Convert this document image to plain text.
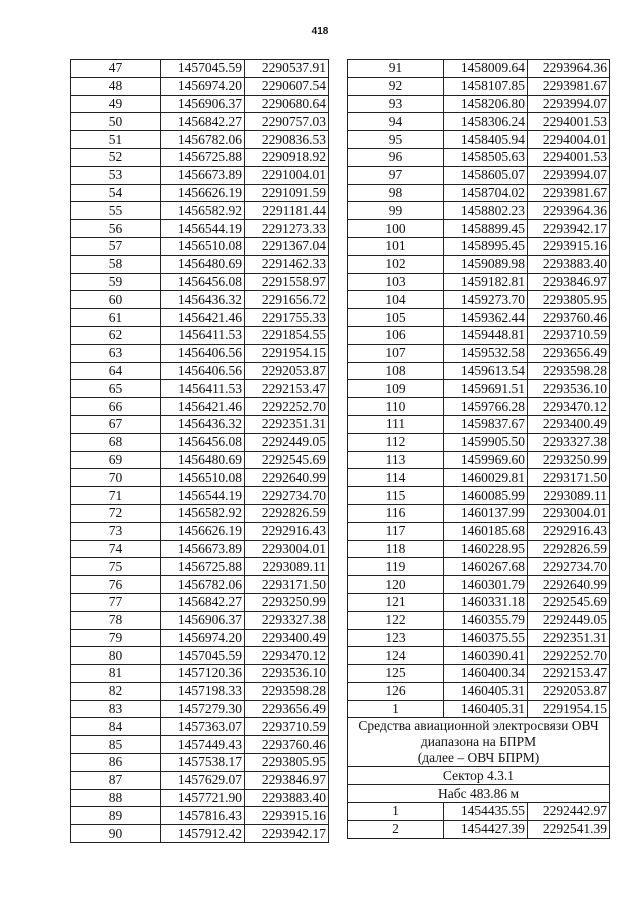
418
47	1457045.59	2290537.91
48	1456974.20	2290607.54
49	1456906.37	2290680.64
50	1456842.27	2290757.03
51	1456782.06	2290836.53
52	1456725.88	2290918.92
53	1456673.89	2291004.01
54	1456626.19	2291091.59
55	1456582.92	2291181.44
56	1456544.19	2291273.33
57	1456510.08	2291367.04
58	1456480.69	2291462.33
59	1456456.08	2291558.97
60	1456436.32	2291656.72
61	1456421.46	2291755.33
62	1456411.53	2291854.55
63	1456406.56	2291954.15
64	1456406.56	2292053.87
65	1456411.53	2292153.47
66	1456421.46	2292252.70
67	1456436.32	2292351.31
68	1456456.08	2292449.05
69	1456480.69	2292545.69
70	1456510.08	2292640.99
71	1456544.19	2292734.70
72	1456582.92	2292826.59
73	1456626.19	2292916.43
74	1456673.89	2293004.01
75	1456725.88	2293089.11
76	1456782.06	2293171.50
77	1456842.27	2293250.99
78	1456906.37	2293327.38
79	1456974.20	2293400.49
80	1457045.59	2293470.12
81	1457120.36	2293536.10
82	1457198.33	2293598.28
83	1457279.30	2293656.49
84	1457363.07	2293710.59
85	1457449.43	2293760.46
86	1457538.17	2293805.95
87	1457629.07	2293846.97
88	1457721.90	2293883.40
89	1457816.43	2293915.16
90	1457912.42	2293942.17
91	1458009.64	2293964.36
92	1458107.85	2293981.67
93	1458206.80	2293994.07
94	1458306.24	2294001.53
95	1458405.94	2294004.01
96	1458505.63	2294001.53
97	1458605.07	2293994.07
98	1458704.02	2293981.67
99	1458802.23	2293964.36
100	1458899.45	2293942.17
101	1458995.45	2293915.16
102	1459089.98	2293883.40
103	1459182.81	2293846.97
104	1459273.70	2293805.95
105	1459362.44	2293760.46
106	1459448.81	2293710.59
107	1459532.58	2293656.49
108	1459613.54	2293598.28
109	1459691.51	2293536.10
110	1459766.28	2293470.12
111	1459837.67	2293400.49
112	1459905.50	2293327.38
113	1459969.60	2293250.99
114	1460029.81	2293171.50
115	1460085.99	2293089.11
116	1460137.99	2293004.01
117	1460185.68	2292916.43
118	1460228.95	2292826.59
119	1460267.68	2292734.70
120	1460301.79	2292640.99
121	1460331.18	2292545.69
122	1460355.79	2292449.05
123	1460375.55	2292351.31
124	1460390.41	2292252.70
125	1460400.34	2292153.47
126	1460405.31	2292053.87
1	1460405.31	2291954.15

Средства авиационной электросвязи ОВЧ
диапазона на БПРМ
(далее – ОВЧ БПРМ)		

Сектор 4.3.1		
Набс 483.86 м		
1	1454435.55	2292442.97
2	1454427.39	2292541.39
